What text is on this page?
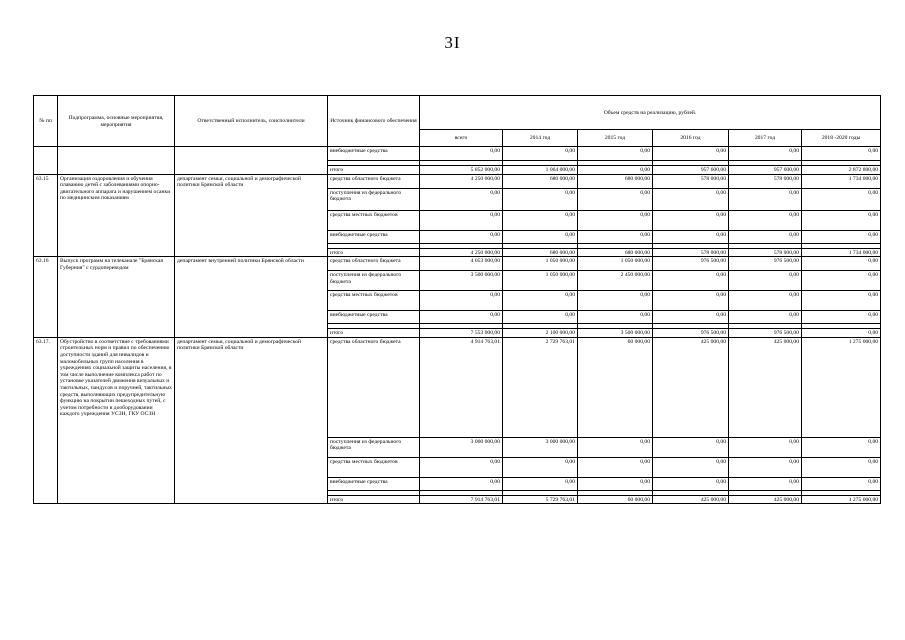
3I
№ пп	Подпрограмма, основные мероприятия, мероприятия	Ответственный исполнитель, соисполнители	Источник финансового обеспечения	Объем средств на реализацию, рублей.					
				всего	2014 год	2015 год	2016 год	2017 год	2018 -2020 годы
			внебюджетные средства	0,00	0,00	0,00	0,00	0,00	0,00

			итого	5 852 000,00	1 064 000,00	0,00	957 600,00	957 600,00	2 872 800,00
63.15	Организация оздоровления и обучения плаванию детей с заболеваниями опорно-двигательного аппарата и нарушением осанки по медицинским показаниям	департамент семьи, социальной и демографической политики Брянской области	средства областного бюджета	4 250 000,00	680 000,00	680 000,00	578 000,00	578 000,00	1 734 000,00
			поступления из федерального бюджета	0,00	0,00	0,00	0,00	0,00	0,00
			средства местных бюджетов	0,00	0,00	0,00	0,00	0,00	0,00
			внебюджетные средства	0,00	0,00	0,00	0,00	0,00	0,00

			итого	4 250 000,00	680 000,00	680 000,00	578 000,00	578 000,00	1 734 000,00
63.16	Выпуск программ на телеканале "Брянская Губерния" с сурдопереводом	департамент внутренней политики Брянской области	средства областного бюджета	4 053 000,00	1 050 000,00	1 050 000,00	976 500,00	976 500,00	0,00
			поступления из федерального бюджета	3 500 000,00	1 050 000,00	2 450 000,00	0,00	0,00	0,00
			средства местных бюджетов	0,00	0,00	0,00	0,00	0,00	0,00
			внебюджетные средства	0,00	0,00	0,00	0,00	0,00	0,00

			итого	7 553 000,00	2 100 000,00	3 500 000,00	976 500,00	976 500,00	0,00
63.17.	Обустройство в соответствие с требованиями строительных норм и правил по обеспечению доступности зданий для инвалидов и маломобильных групп населения в учреждениях социальной защиты населения, в том числе выполнение комплекса работ по установке указателей движения визуальных и тактильных, пандусов и поручней, тактильных средств, выполняющих предупредительную функцию на покрытии пешеходных путей, с учетом потребности в дооборудовании каждого учреждения УСЗН, ГКУ ОСЗН	департамент семьи, социальной и демографической политики Брянской области	средства областного бюджета	4 914 763,01	2 729 763,01	60 000,00	425 000,00	425 000,00	1 275 000,00
			поступления из федерального бюджета	3 000 000,00	3 000 000,00	0,00	0,00	0,00	0,00
			средства местных бюджетов	0,00	0,00	0,00	0,00	0,00	0,00
			внебюджетные средства	0,00	0,00	0,00	0,00	0,00	0,00

			итого	7 914 763,01	5 729 763,01	60 000,00	425 000,00	425 000,00	1 275 000,00
